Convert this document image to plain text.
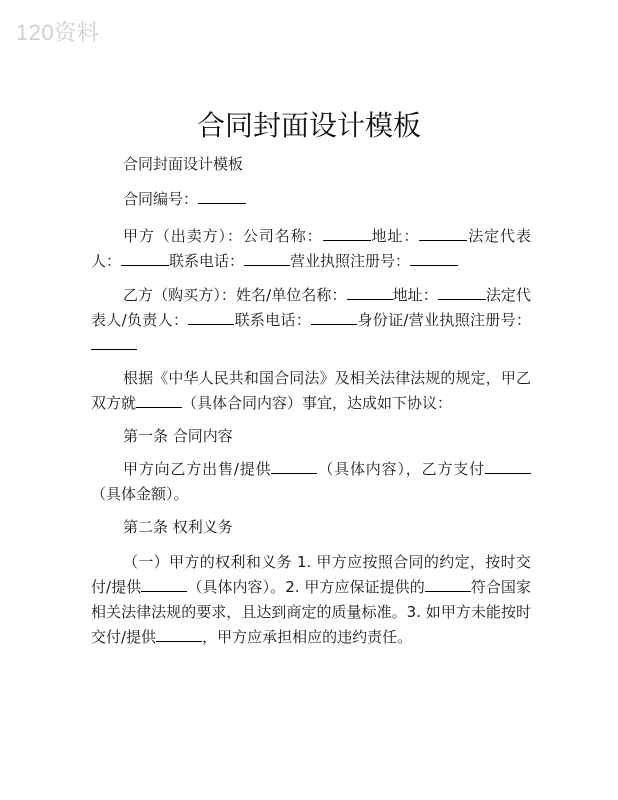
120资料
合同封面设计模板

合同封面设计模板

合同编号：

甲方（出卖方）：公司名称：	地址：	法定代表人：	联系电话：	营业执照注册号：

乙方（购买方）：姓名/单位名称：	地址：	法定代表人/负责人：	联系电话：	身份证/营业执照注册号：

根据《中华人民共和国合同法》及相关法律法规的规定，甲乙双方就	（具体合同内容）事宜，达成如下协议：

第一条 合同内容

甲方向乙方出售/提供	（具体内容），乙方支付（具体金额）。

第二条 权利义务

（一）甲方的权利和义务 1. 甲方应按照合同的约定，按时交付/提供	（具体内容）。2. 甲方应保证提供的	符合国家相关法律法规的要求，且达到商定的质量标准。3. 如甲方未能按时交付/提供	，甲方应承担相应的违约责任。
